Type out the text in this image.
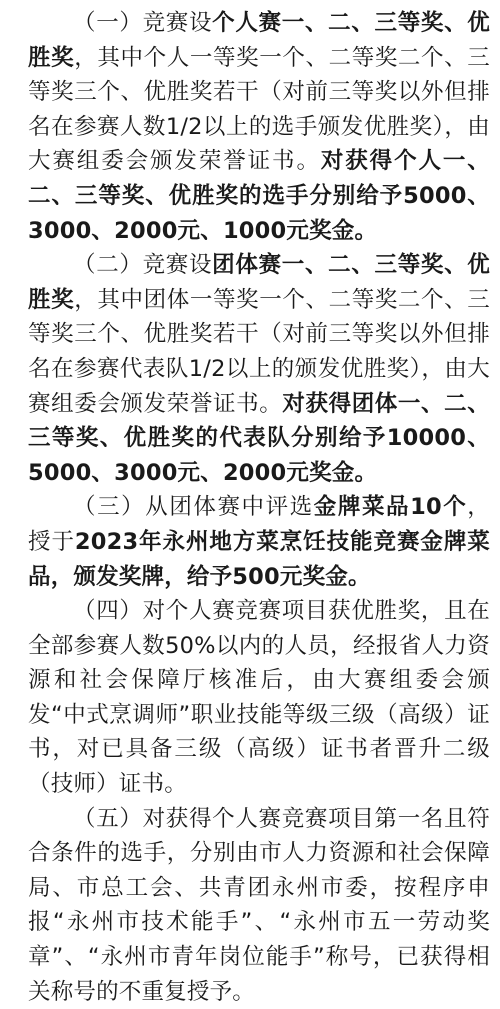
（一）竞赛设个人赛一、二、三等奖、优胜奖，其中个人一等奖一个、二等奖二个、三等奖三个、优胜奖若干（对前三等奖以外但排名在参赛人数1/2以上的选手颁发优胜奖），由大赛组委会颁发荣誉证书。对获得个人一、二、三等奖、优胜奖的选手分别给予5000、3000、2000元、1000元奖金。

（二）竞赛设团体赛一、二、三等奖、优胜奖，其中团体一等奖一个、二等奖二个、三等奖三个、优胜奖若干（对前三等奖以外但排名在参赛代表队1/2以上的颁发优胜奖），由大赛组委会颁发荣誉证书。对获得团体一、二、三等奖、优胜奖的代表队分别给予10000、5000、3000元、2000元奖金。

（三）从团体赛中评选金牌菜品10个，授于2023年永州地方菜烹饪技能竞赛金牌菜品，颁发奖牌，给予500元奖金。

（四）对个人赛竞赛项目获优胜奖，且在全部参赛人数50%以内的人员，经报省人力资源和社会保障厅核准后，由大赛组委会颁发“中式烹调师”职业技能等级三级（高级）证书，对已具备三级（高级）证书者晋升二级（技师）证书。

（五）对获得个人赛竞赛项目第一名且符合条件的选手，分别由市人力资源和社会保障局、市总工会、共青团永州市委，按程序申报“永州市技术能手”、“永州市五一劳动奖章”、“永州市青年岗位能手”称号，已获得相关称号的不重复授予。
